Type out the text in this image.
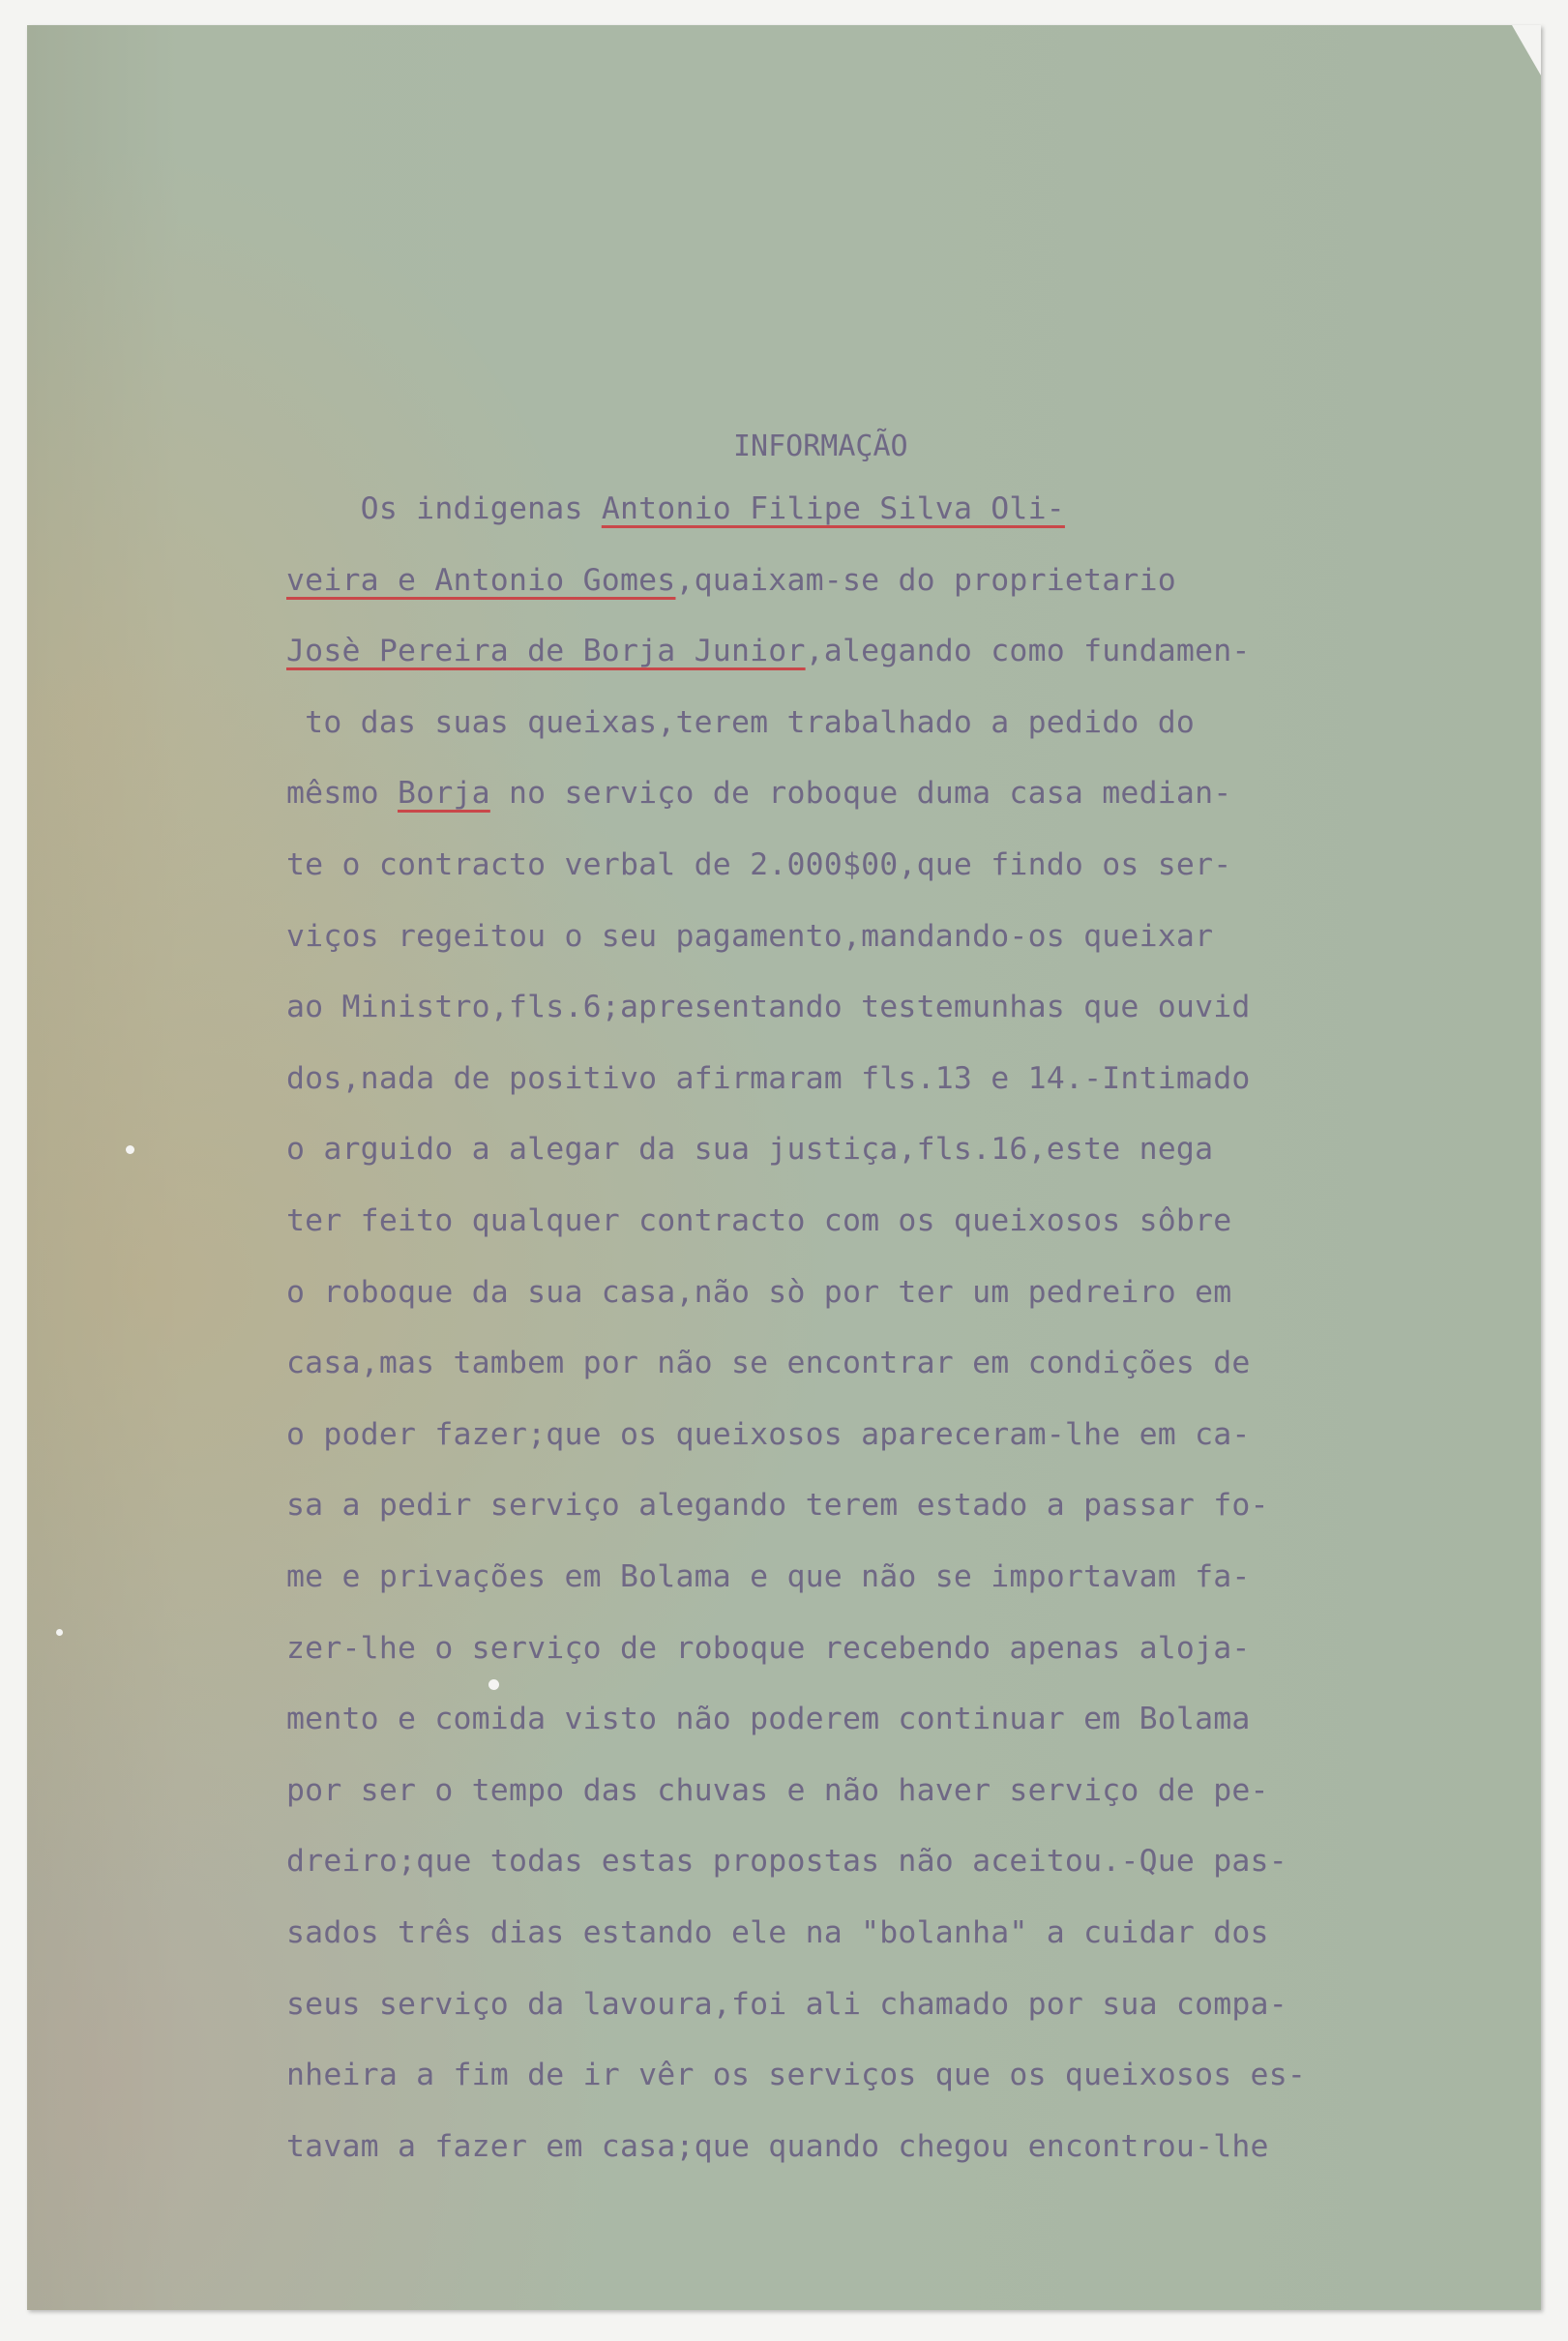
INFORMAÇÃO
Os indigenas Antonio Filipe Silva Oli-
veira e Antonio Gomes,quaixam-se do proprietario
Josè Pereira de Borja Junior,alegando como fundamen-
to das suas queixas,terem trabalhado a pedido do
mêsmo Borja no serviço de roboque duma casa median-
te o contracto verbal de 2.000$00,que findo os ser-
viços regeitou o seu pagamento,mandando-os queixar
ao Ministro,fls.6;apresentando testemunhas que ouvid
dos,nada de positivo afirmaram fls.13 e 14.-Intimado
o arguido a alegar da sua justiça,fls.16,este nega
ter feito qualquer contracto com os queixosos sôbre
o roboque da sua casa,não sò por ter um pedreiro em
casa,mas tambem por não se encontrar em condições de
o poder fazer;que os queixosos apareceram-lhe em ca-
sa a pedir serviço alegando terem estado a passar fo-
me e privações em Bolama e que não se importavam fa-
zer-lhe o serviço de roboque recebendo apenas aloja-
mento e comida visto não poderem continuar em Bolama
por ser o tempo das chuvas e não haver serviço de pe-
dreiro;que todas estas propostas não aceitou.-Que pas-
sados três dias estando ele na "bolanha" a cuidar dos
seus serviço da lavoura,foi ali chamado por sua compa-
nheira a fim de ir vêr os serviços que os queixosos es-
tavam a fazer em casa;que quando chegou encontrou-lhe
